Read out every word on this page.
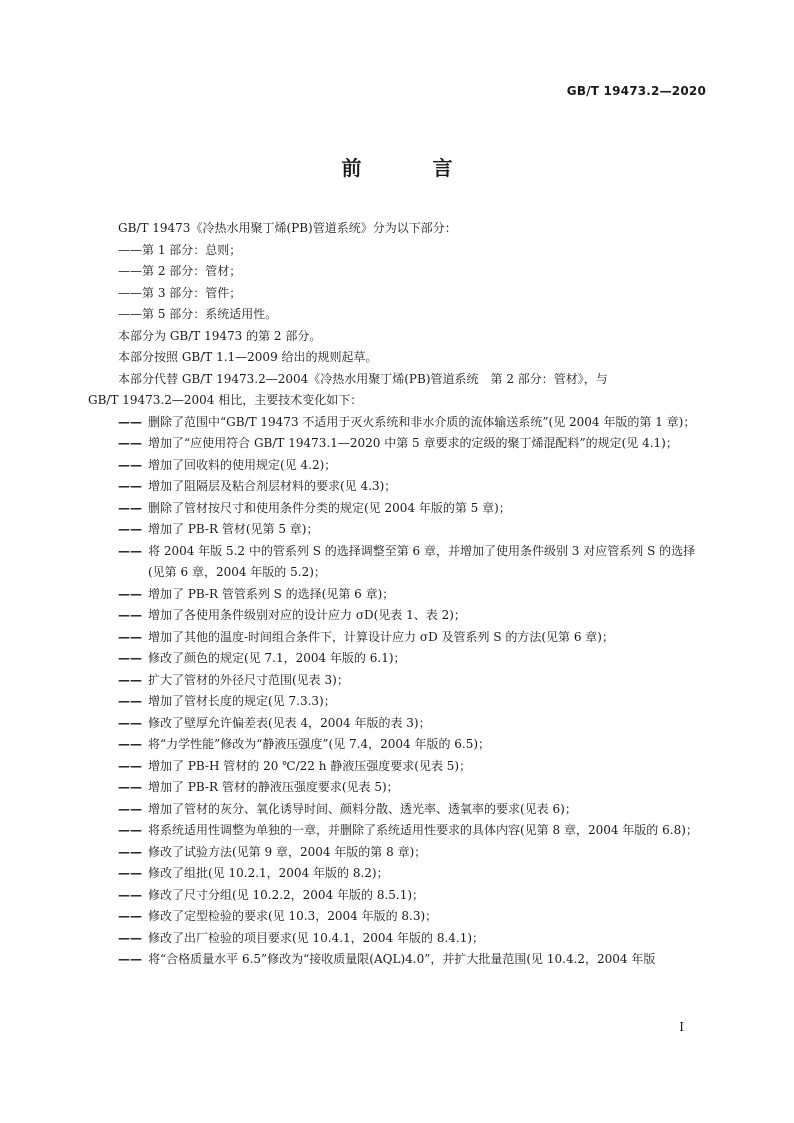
GB/T 19473.2—2020
前 言
GB/T 19473《冷热水用聚丁烯(PB)管道系统》分为以下部分：
——第 1 部分：总则；
——第 2 部分：管材；
——第 3 部分：管件；
——第 5 部分：系统适用性。
本部分为 GB/T 19473 的第 2 部分。
本部分按照 GB/T 1.1—2009 给出的规则起草。
本部分代替 GB/T 19473.2—2004《冷热水用聚丁烯(PB)管道系统　第 2 部分：管材》，与
GB/T 19473.2—2004 相比，主要技术变化如下：
—— 删除了范围中“GB/T 19473 不适用于灭火系统和非水介质的流体输送系统”(见 2004 年版的第 1 章)；
—— 增加了“应使用符合 GB/T 19473.1—2020 中第 5 章要求的定级的聚丁烯混配料”的规定(见 4.1)；
—— 增加了回收料的使用规定(见 4.2)；
—— 增加了阻隔层及粘合剂层材料的要求(见 4.3)；
—— 删除了管材按尺寸和使用条件分类的规定(见 2004 年版的第 5 章)；
—— 增加了 PB-R 管材(见第 5 章)；
—— 将 2004 年版 5.2 中的管系列 S 的选择调整至第 6 章，并增加了使用条件级别 3 对应管系列 S 的选择(见第 6 章，2004 年版的 5.2)；
—— 增加了 PB-R 管管系列 S 的选择(见第 6 章)；
—— 增加了各使用条件级别对应的设计应力 σD(见表 1、表 2)；
—— 增加了其他的温度-时间组合条件下，计算设计应力 σD 及管系列 S 的方法(见第 6 章)；
—— 修改了颜色的规定(见 7.1，2004 年版的 6.1)；
—— 扩大了管材的外径尺寸范围(见表 3)；
—— 增加了管材长度的规定(见 7.3.3)；
—— 修改了壁厚允许偏差表(见表 4，2004 年版的表 3)；
—— 将“力学性能”修改为“静液压强度”(见 7.4，2004 年版的 6.5)；
—— 增加了 PB-H 管材的 20 ℃/22 h 静液压强度要求(见表 5)；
—— 增加了 PB-R 管材的静液压强度要求(见表 5)；
—— 增加了管材的灰分、氧化诱导时间、颜料分散、透光率、透氧率的要求(见表 6)；
—— 将系统适用性调整为单独的一章，并删除了系统适用性要求的具体内容(见第 8 章，2004 年版的 6.8)；
—— 修改了试验方法(见第 9 章，2004 年版的第 8 章)；
—— 修改了组批(见 10.2.1，2004 年版的 8.2)；
—— 修改了尺寸分组(见 10.2.2，2004 年版的 8.5.1)；
—— 修改了定型检验的要求(见 10.3，2004 年版的 8.3)；
—— 修改了出厂检验的项目要求(见 10.4.1，2004 年版的 8.4.1)；
—— 将“合格质量水平 6.5”修改为“接收质量限(AQL)4.0”，并扩大批量范围(见 10.4.2，2004 年版
I
